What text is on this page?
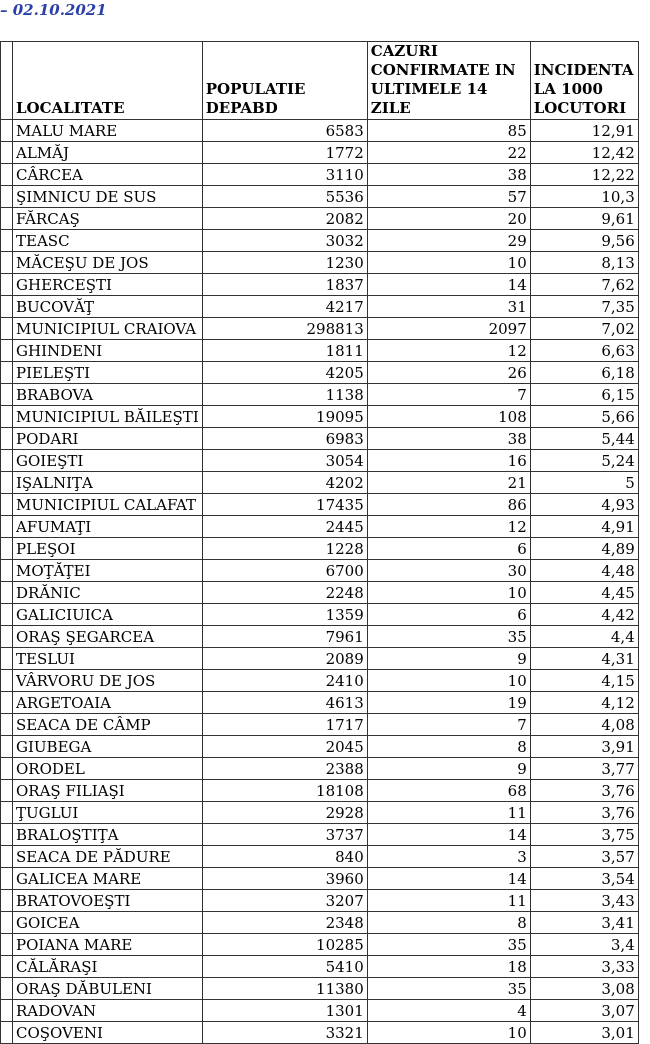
– 02.10.2021
	LOCALITATE	POPULATIE DEPABD	CAZURI CONFIRMATE IN ULTIMELE 14 ZILE	INCIDENTA LA 1000 LOCUTORI
	MALU MARE	6583	85	12,91
	ALMĂJ	1772	22	12,42
	CÂRCEA	3110	38	12,22
	ŞIMNICU DE SUS	5536	57	10,3
	FĂRCAŞ	2082	20	9,61
	TEASC	3032	29	9,56
	MĂCEŞU DE JOS	1230	10	8,13
	GHERCEŞTI	1837	14	7,62
	BUCOVĂŢ	4217	31	7,35
	MUNICIPIUL CRAIOVA	298813	2097	7,02
	GHINDENI	1811	12	6,63
	PIELEŞTI	4205	26	6,18
	BRABOVA	1138	7	6,15
	MUNICIPIUL BĂILEŞTI	19095	108	5,66
	PODARI	6983	38	5,44
	GOIEŞTI	3054	16	5,24
	IŞALNIŢA	4202	21	5
	MUNICIPIUL CALAFAT	17435	86	4,93
	AFUMAŢI	2445	12	4,91
	PLEŞOI	1228	6	4,89
	MOŢĂŢEI	6700	30	4,48
	DRĂNIC	2248	10	4,45
	GALICIUICA	1359	6	4,42
	ORAŞ ŞEGARCEA	7961	35	4,4
	TESLUI	2089	9	4,31
	VÂRVORU DE JOS	2410	10	4,15
	ARGETOAIA	4613	19	4,12
	SEACA DE CÂMP	1717	7	4,08
	GIUBEGA	2045	8	3,91
	ORODEL	2388	9	3,77
	ORAŞ FILIAŞI	18108	68	3,76
	ŢUGLUI	2928	11	3,76
	BRALOŞTIŢA	3737	14	3,75
	SEACA DE PĂDURE	840	3	3,57
	GALICEA MARE	3960	14	3,54
	BRATOVOEŞTI	3207	11	3,43
	GOICEA	2348	8	3,41
	POIANA MARE	10285	35	3,4
	CĂLĂRAŞI	5410	18	3,33
	ORAŞ DĂBULENI	11380	35	3,08
	RADOVAN	1301	4	3,07
	COŞOVENI	3321	10	3,01
